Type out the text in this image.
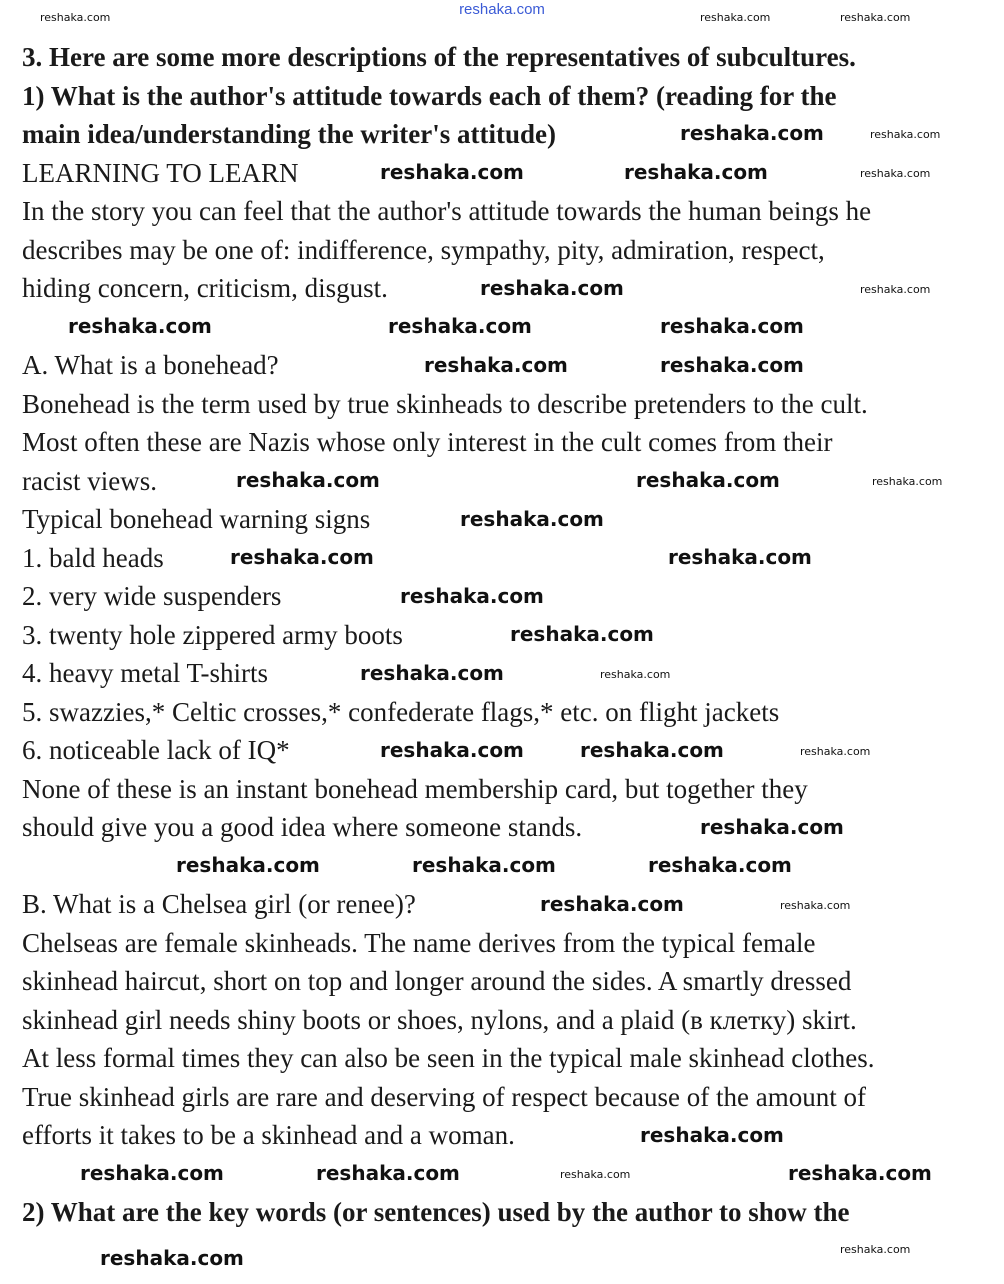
reshaka.com
3. Here are some more descriptions of the representatives of subcultures.
1) What is the author's attitude towards each of them? (reading for the
main idea/understanding the writer's attitude)
LEARNING TO LEARN
In the story you can feel that the author's attitude towards the human beings he
describes may be one of: indifference, sympathy, pity, admiration, respect,
hiding concern, criticism, disgust.
A. What is a bonehead?
Bonehead is the term used by true skinheads to describe pretenders to the cult.
Most often these are Nazis whose only interest in the cult comes from their
racist views.
Typical bonehead warning signs
1. bald heads
2. very wide suspenders
3. twenty hole zippered army boots
4. heavy metal T-shirts
5. swazzies,* Celtic crosses,* confederate flags,* etc. on flight jackets
6. noticeable lack of IQ*
None of these is an instant bonehead membership card, but together they
should give you a good idea where someone stands.
B. What is a Chelsea girl (or renee)?
Chelseas are female skinheads. The name derives from the typical female
skinhead haircut, short on top and longer around the sides. A smartly dressed
skinhead girl needs shiny boots or shoes, nylons, and a plaid (в клетку) skirt.
At less formal times they can also be seen in the typical male skinhead clothes.
True skinhead girls are rare and deserving of respect because of the amount of
efforts it takes to be a skinhead and a woman.
2) What are the key words (or sentences) used by the author to show the
reshaka.com	reshaka.com	reshaka.com
reshaka.com	reshaka.com
reshaka.com	reshaka.com	reshaka.com
reshaka.com	reshaka.com
reshaka.com	reshaka.com	reshaka.com
reshaka.com	reshaka.com
reshaka.com	reshaka.com	reshaka.com
reshaka.com
reshaka.com	reshaka.com
reshaka.com
reshaka.com
reshaka.com	reshaka.com
reshaka.com	reshaka.com	reshaka.com
reshaka.com
reshaka.com	reshaka.com	reshaka.com
reshaka.com	reshaka.com
reshaka.com
reshaka.com	reshaka.com	reshaka.com	reshaka.com
reshaka.com	reshaka.com
